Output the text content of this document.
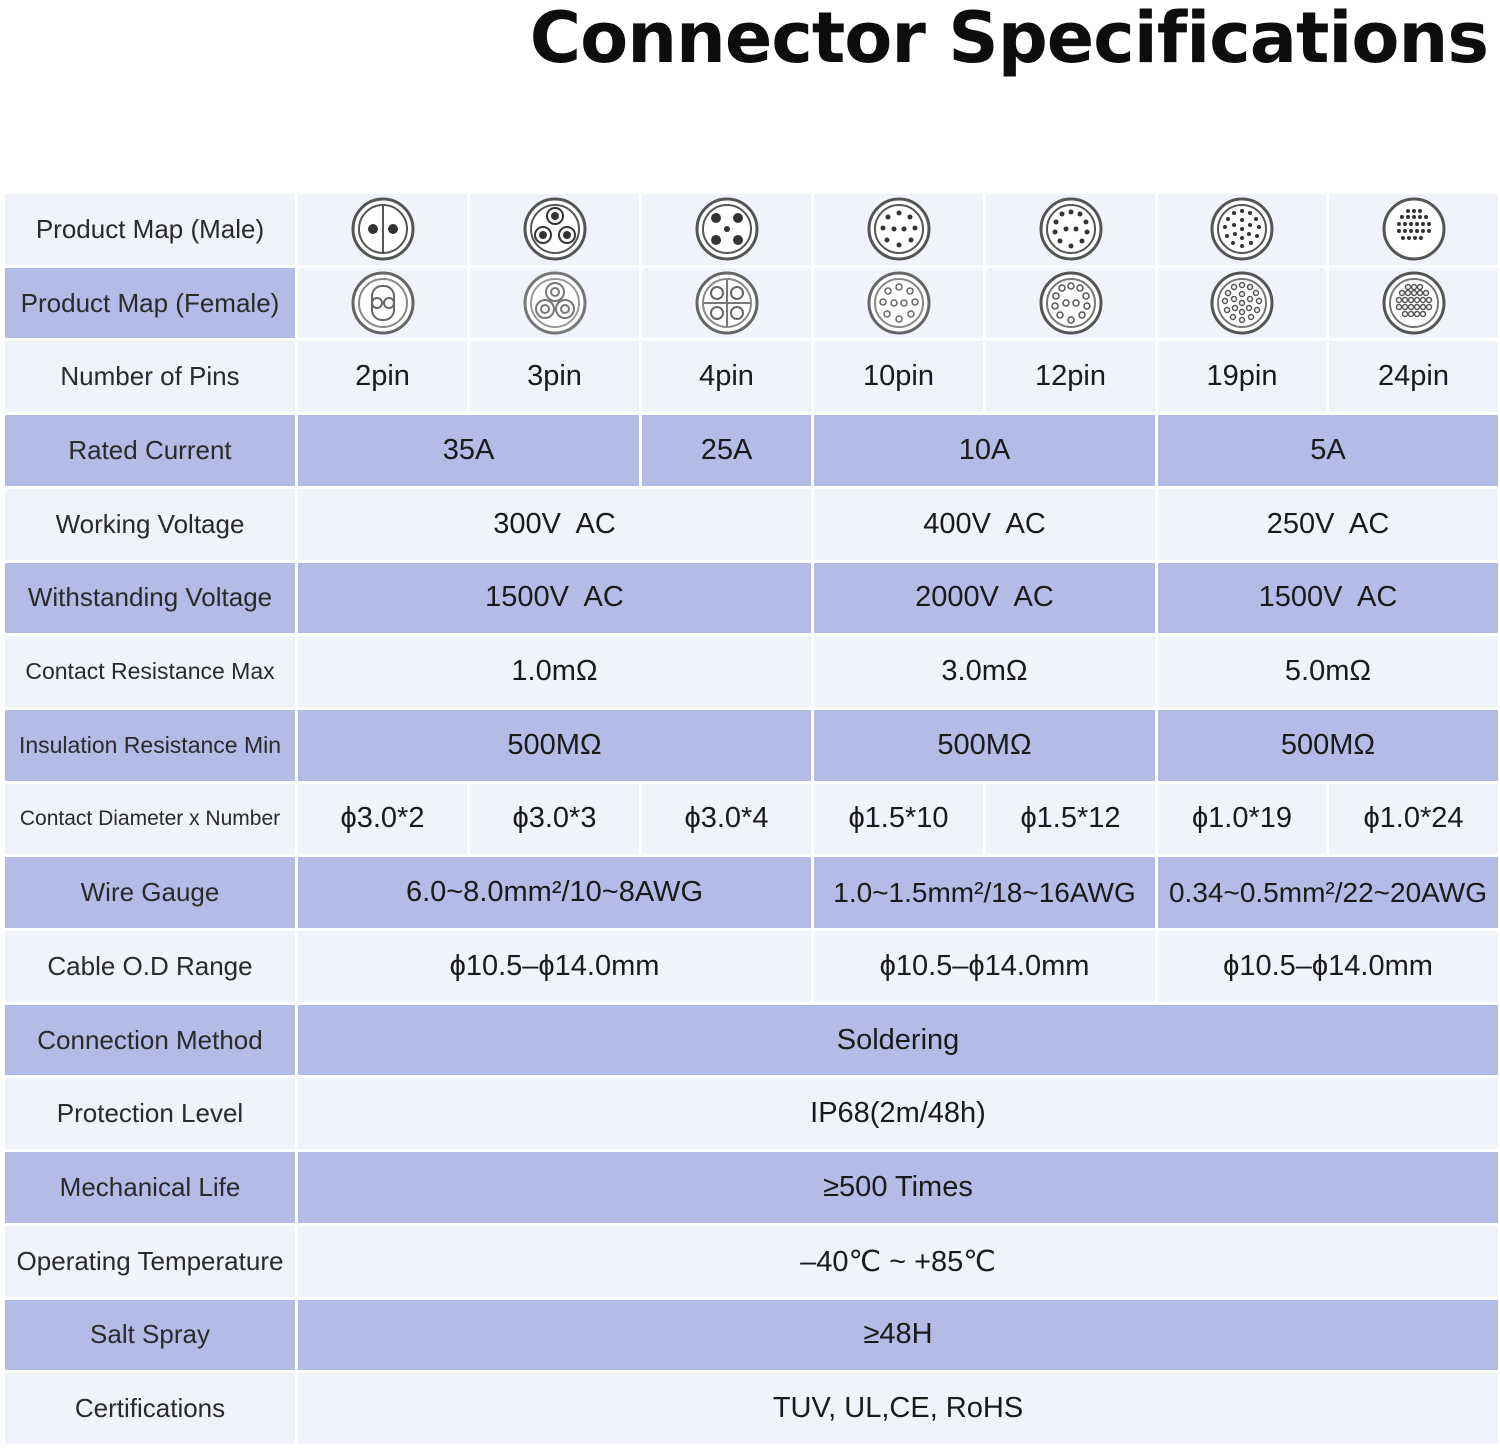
Connector Specifications
Product Map (Male)	

Product Map (Female)	

Number of Pins	2pin	3pin	4pin	10pin	12pin	19pin	24pin
Rated Current	35A		25A	10A		5A	
Working Voltage	300V  AC			400V  AC		250V  AC	
Withstanding Voltage	1500V  AC			2000V  AC		1500V  AC	
Contact Resistance Max	1.0mΩ			3.0mΩ		5.0mΩ	
Insulation Resistance Min	500MΩ			500MΩ		500MΩ	
Contact Diameter x Number	ϕ3.0*2	ϕ3.0*3	ϕ3.0*4	ϕ1.5*10	ϕ1.5*12	ϕ1.0*19	ϕ1.0*24
Wire Gauge	6.0~8.0mm²/10~8AWG			1.0~1.5mm²/18~16AWG		0.34~0.5mm²/22~20AWG	
Cable O.D Range	ϕ10.5–ϕ14.0mm			ϕ10.5–ϕ14.0mm		ϕ10.5–ϕ14.0mm	
Connection Method	Soldering						
Protection Level	IP68(2m/48h)						
Mechanical Life	≥500 Times						
Operating Temperature	–40℃ ~ +85℃						
Salt Spray	≥48H						
Certifications	TUV, UL,CE, RoHS						
